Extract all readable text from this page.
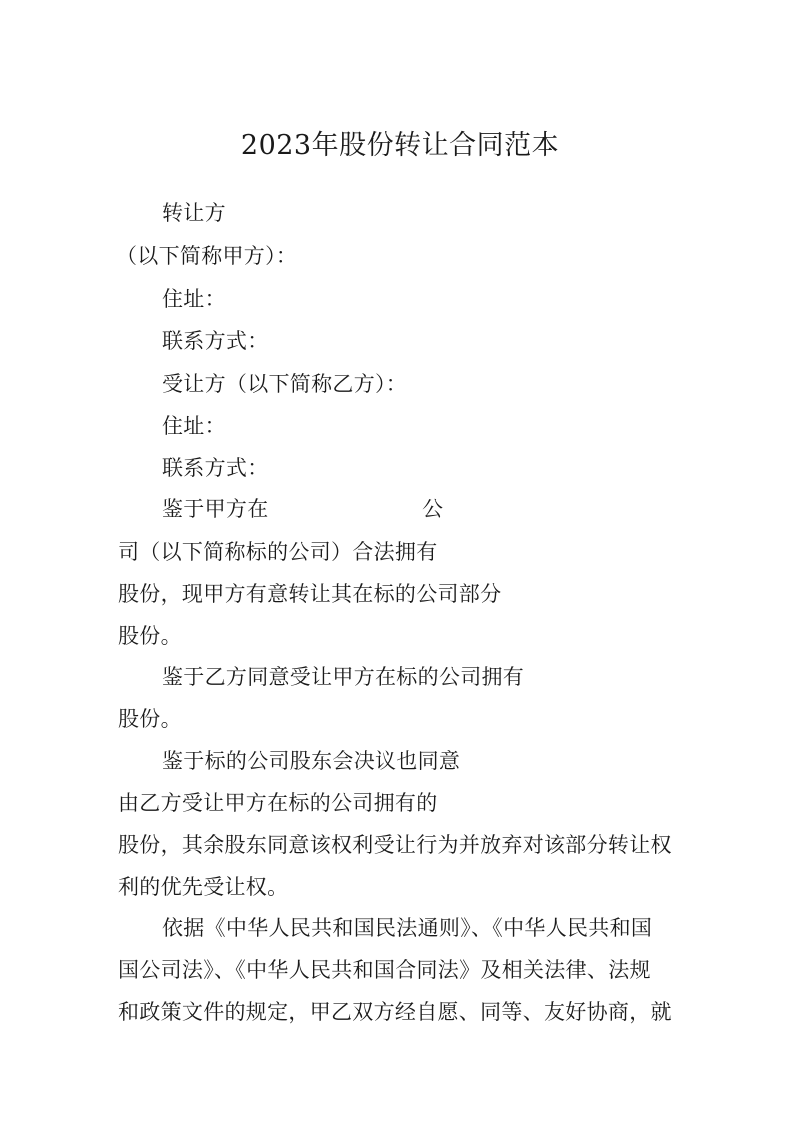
2023年股份转让合同范本
转让方
（以下简称甲方）：
住址：
联系方式：
受让方（以下简称乙方）：
住址：
联系方式：
鉴于甲方在	公
司（以下简称标的公司）合法拥有
股份，现甲方有意转让其在标的公司部分
股份。
鉴于乙方同意受让甲方在标的公司拥有
股份。
鉴于标的公司股东会决议也同意
由乙方受让甲方在标的公司拥有的
股份，其余股东同意该权利受让行为并放弃对该部分转让权
利的优先受让权。
依据《中华人民共和国民法通则》、《中华人民共和国
国公司法》、《中华人民共和国合同法》及相关法律、法规
和政策文件的规定，甲乙双方经自愿、同等、友好协商，就
